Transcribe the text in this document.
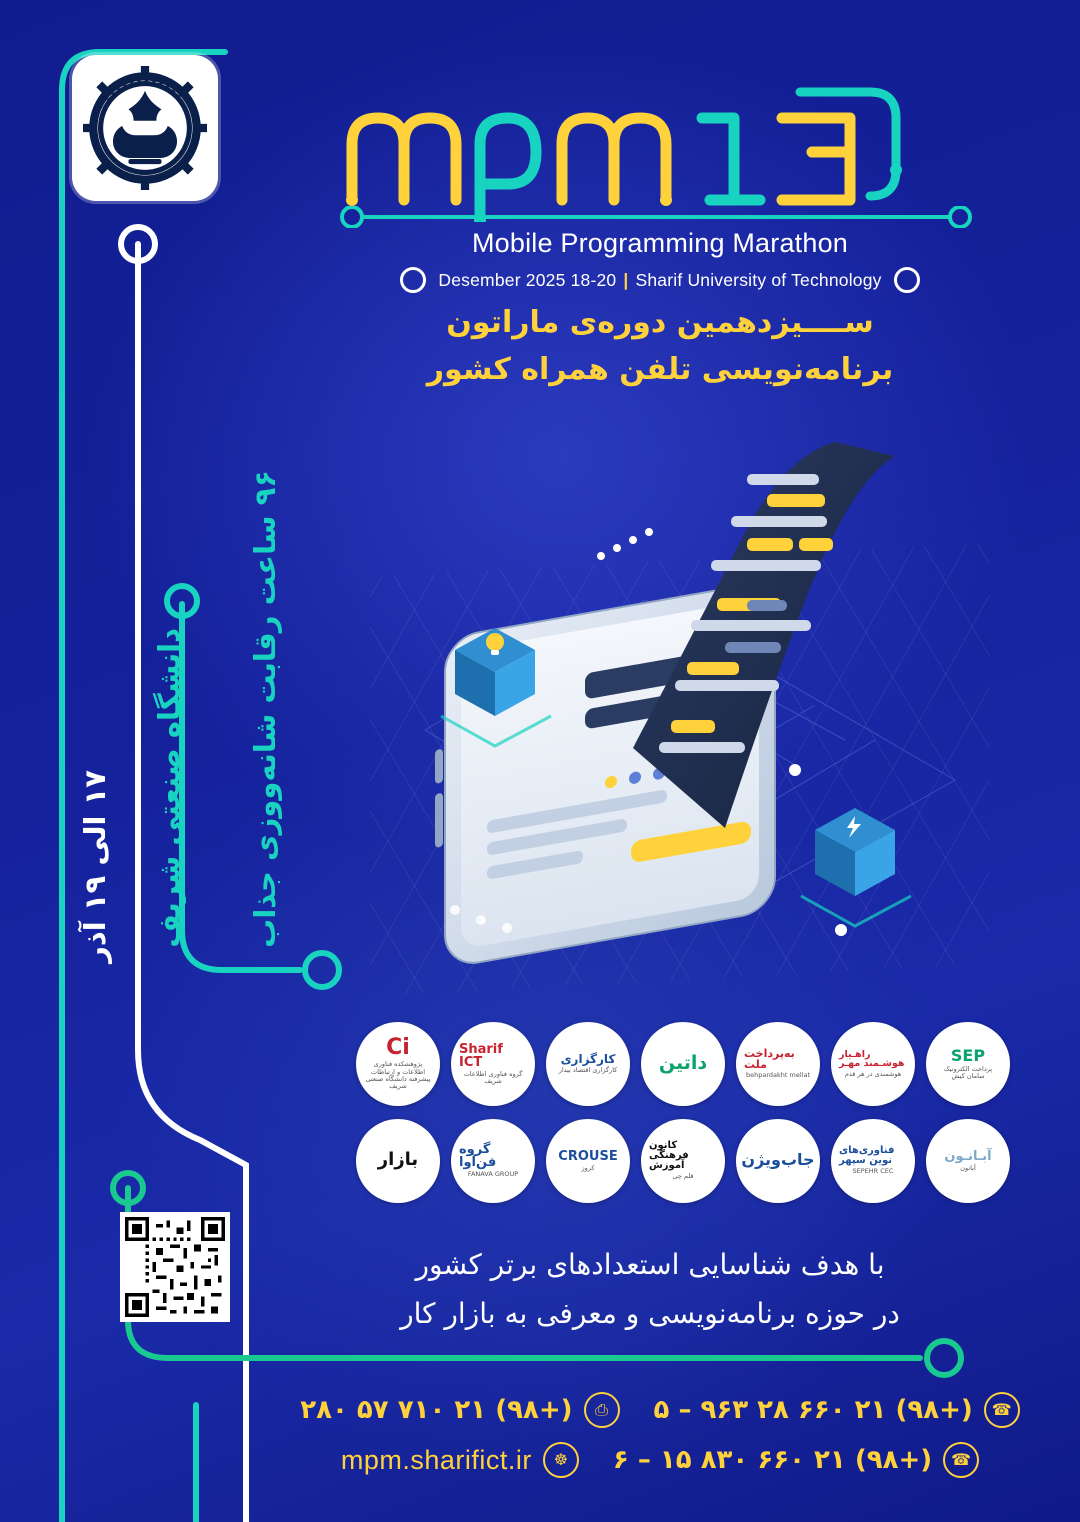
Mobile Programming Marathon
Sharif University of Technology
|
18-20 Desember 2025
ســــیزدهمین دوره‌ی ماراتون
برنامه‌نویسی تلفن همراه کشور
۹۶ ساعت رقابت شانه‌ووزی جذاب
دانشگاه صنعتی شریف
۱۷ الی ۱۹ آذر
Ci
پژوهشکده فناوری اطلاعات و ارتباطات پیشرفته دانشگاه صنعتی شریف
Sharif ICT
گروه فناوری اطلاعات شریف
کارگزاری
کارگزاری اقتصاد بیدار داتین	به‌پرداخت ملت
behpardakht mellat
راهـیار هوشـمند مهـر
هوشمندی در هر قدم
SEP
پرداخت الکترونیک سامان کیش
بازار	گروه فن‌آوا
FANAVA GROUP
CROUSE
کروز
کانون فرهنگی آموزش
قلم چی
جاب‌ویژن فناوری‌های نوین سپهر
SEPEHR CEC
آبـانـون
آبانون
با هدف شناسایی استعدادهای برتر کشور
در حوزه برنامه‌نویسی و معرفی به بازار کار
☎
(+۹۸) ۲۱ ۶۶۰ ۲۸ ۹۶۳ – ۵
⎙
(+۹۸) ۲۱ ۷۱۰ ۵۷ ۲۸۰
☎
(+۹۸) ۲۱ ۶۶۰ ۸۳۰ ۱۵ – ۶
☸
mpm.sharifict.ir
